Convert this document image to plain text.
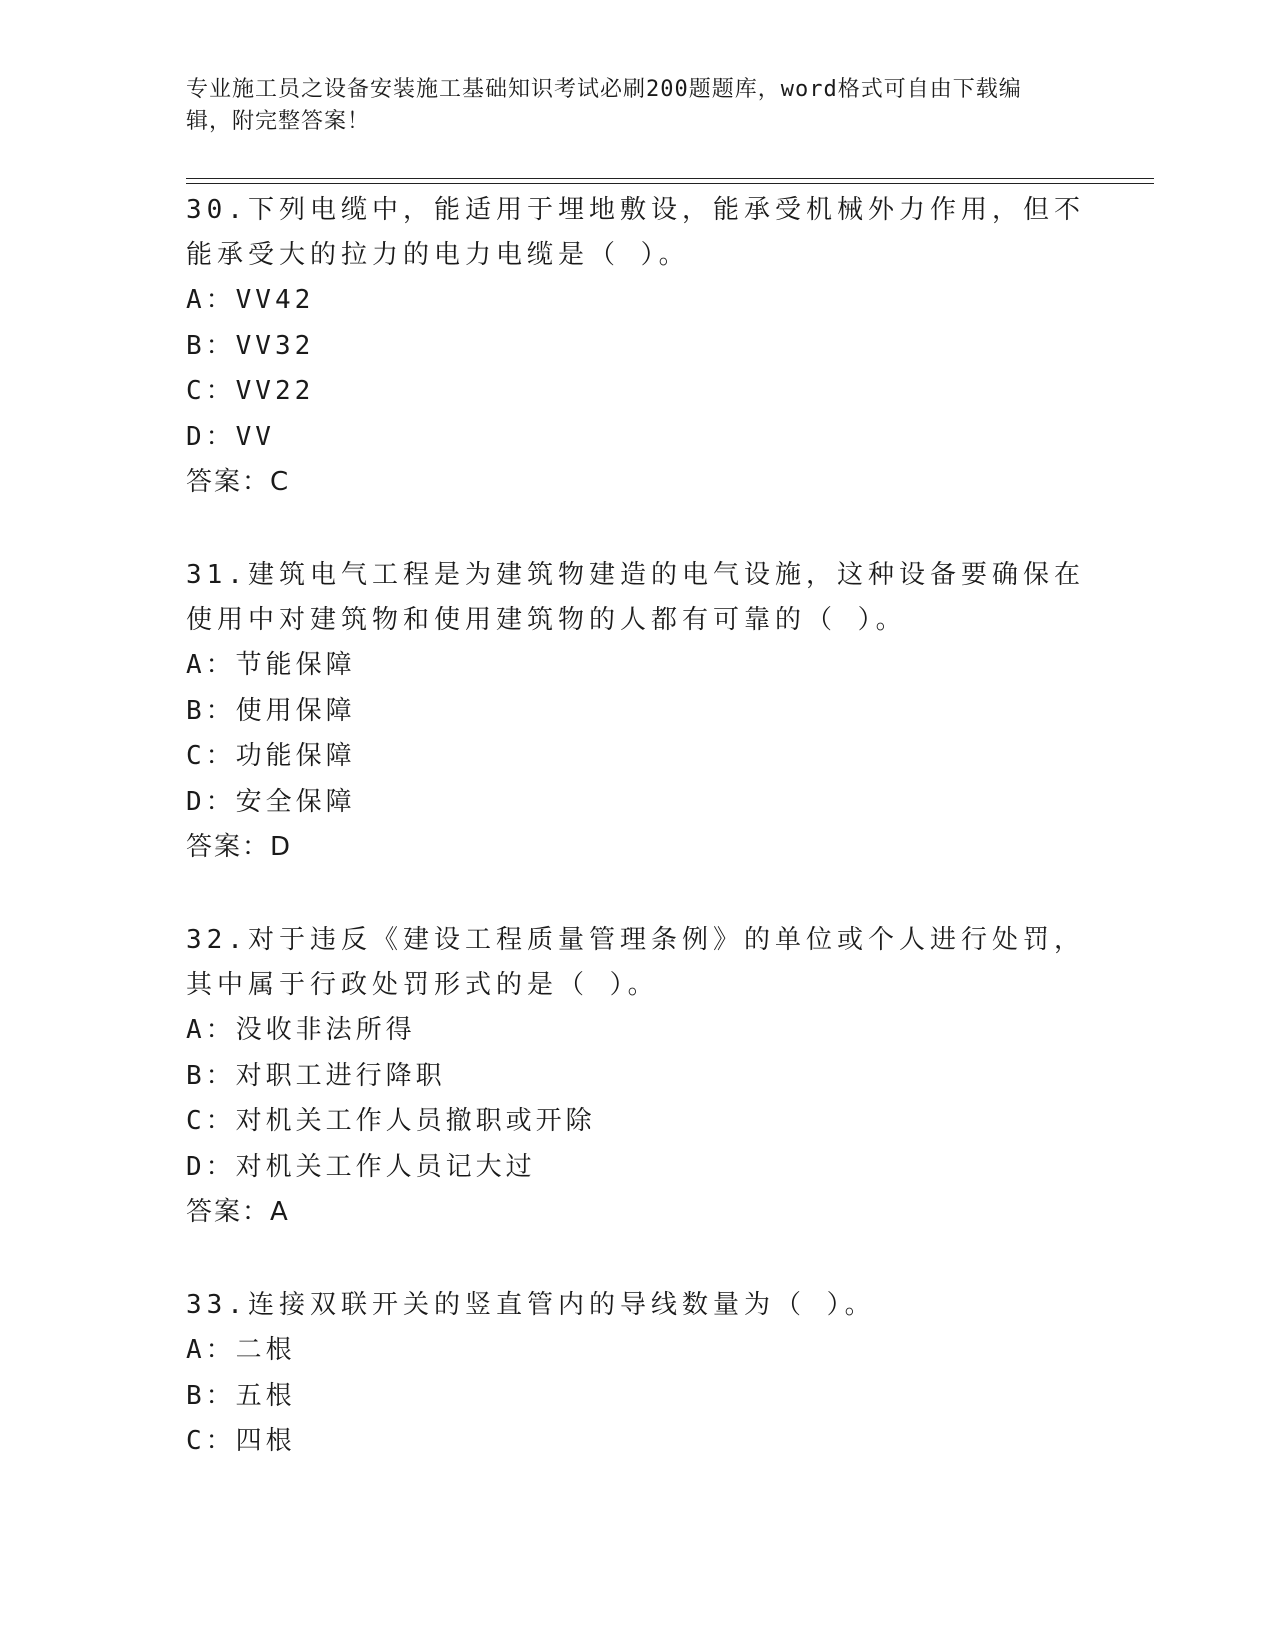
专业施工员之设备安装施工基础知识考试必刷200题题库，word格式可自由下载编辑，附完整答案！

30.下列电缆中，能适用于埋地敷设，能承受机械外力作用，但不能承受大的拉力的电力电缆是（ ）。

A：VV42

B：VV32

C：VV22

D：VV

答案：C

31.建筑电气工程是为建筑物建造的电气设施，这种设备要确保在使用中对建筑物和使用建筑物的人都有可靠的（ ）。

A：节能保障

B：使用保障

C：功能保障

D：安全保障

答案：D

32.对于违反《建设工程质量管理条例》的单位或个人进行处罚，其中属于行政处罚形式的是（ ）。

A：没收非法所得

B：对职工进行降职

C：对机关工作人员撤职或开除

D：对机关工作人员记大过

答案：A

33.连接双联开关的竖直管内的导线数量为（ ）。

A：二根

B：五根

C：四根
